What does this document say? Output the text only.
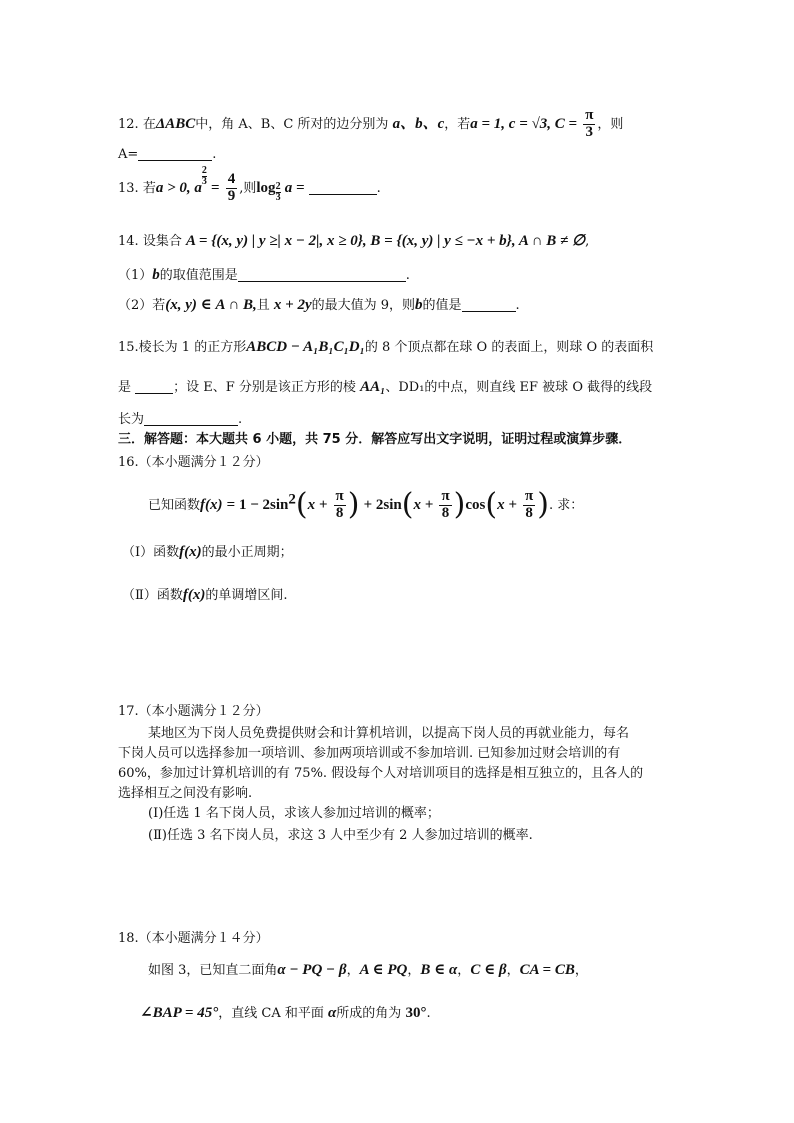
12. 在ΔABC中，角 A、B、C 所对的边分别为 a、b、c，若a = 1, c = √3, $C = \frac{\pi}{3}$ ，则
A=	.
13. 若a > 0, a
$\frac{2}{3}$
= $\frac{4}{9}$ ,则$\log \frac{2}{3}$ a =	.
14. 设集合 A = {(x, y) | y ≥| x − 2|, x ≥ 0}, B = {(x, y) | y ≤ −x + b}, A ∩ B ≠ ∅,
（1）b的取值范围是	.
（2）若(x, y) ∈ A ∩ B,且 x + 2y的最大值为 9，则b的值是	.
15.棱长为 1 的正方形ABCD − A₁B₁C₁D₁的 8 个顶点都在球 O 的表面上，则球 O 的表面积
是	；设 E、F 分别是该正方形的棱 AA₁、DD₁的中点，则直线 EF 被球 O 截得的线段
长为	.
三．解答题：本大题共 6 小题，共 75 分．解答应写出文字说明，证明过程或演算步骤．
16.（本小题满分１２分）
已知函数$f(x) = 1 - 2\sin^2(x + \frac{\pi}{8}$ ) + $2\sin(x + \frac{\pi}{8} )\cos(x + \frac{\pi}{8}$ ). 求：
（Ⅰ）函数f(x)的最小正周期；
（Ⅱ）函数f(x)的单调增区间.
17.（本小题满分１２分）
某地区为下岗人员免费提供财会和计算机培训，以提高下岗人员的再就业能力，每名
下岗人员可以选择参加一项培训、参加两项培训或不参加培训. 已知参加过财会培训的有
60%，参加过计算机培训的有 75%. 假设每个人对培训项目的选择是相互独立的，且各人的
选择相互之间没有影响.
(Ⅰ)任选 1 名下岗人员，求该人参加过培训的概率；
(Ⅱ)任选 3 名下岗人员，求这 3 人中至少有 2 人参加过培训的概率.
18.（本小题满分１４分）
如图 3，已知直二面角α − PQ − β，A ∈ PQ，B ∈ α，C ∈ β，CA = CB，
∠BAP = 45°，直线 CA 和平面 α所成的角为 30°.
